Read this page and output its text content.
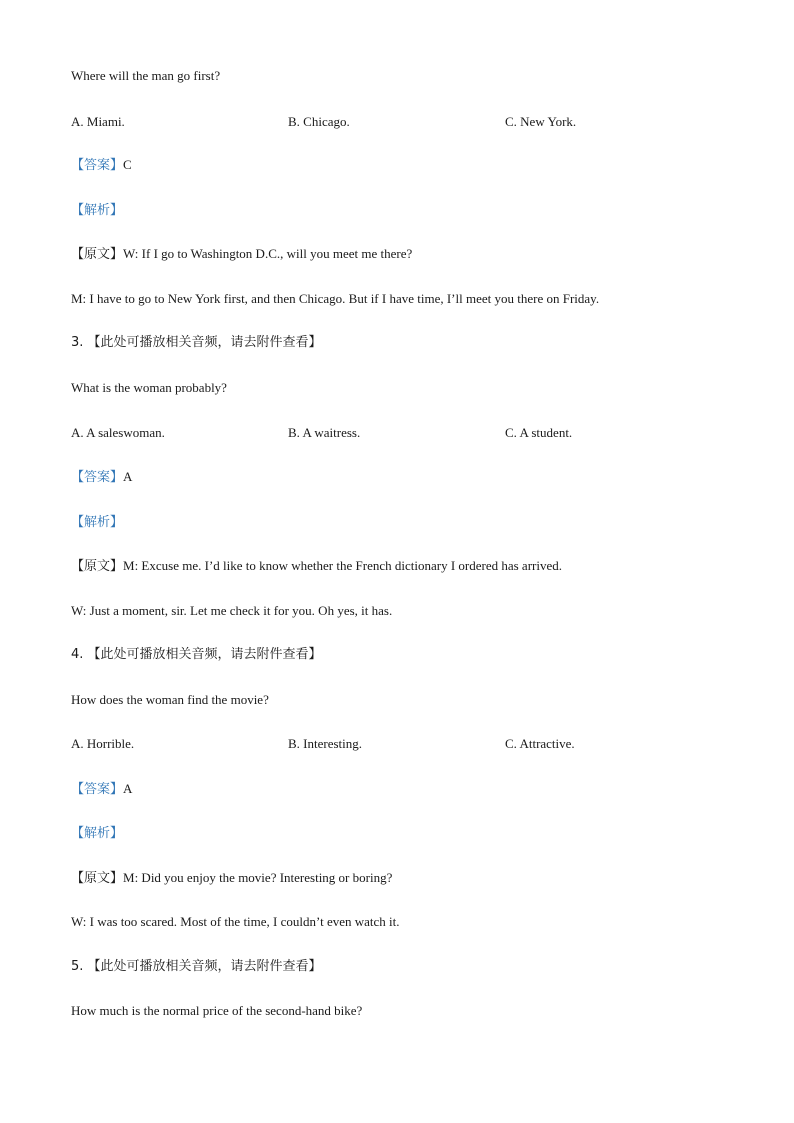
Where will the man go first?
A. Miami.	B. Chicago.	C. New York.
【答案】C
【解析】
【原文】W: If I go to Washington D.C., will you meet me there?
M: I have to go to New York first, and then Chicago. But if I have time, I’ll meet you there on Friday.
3. 【此处可播放相关音频，请去附件查看】
What is the woman probably?
A. A saleswoman.	B. A waitress.	C. A student.
【答案】A
【解析】
【原文】M: Excuse me. I’d like to know whether the French dictionary I ordered has arrived.
W: Just a moment, sir. Let me check it for you. Oh yes, it has.
4. 【此处可播放相关音频，请去附件查看】
How does the woman find the movie?
A. Horrible.	B. Interesting.	C. Attractive.
【答案】A
【解析】
【原文】M: Did you enjoy the movie? Interesting or boring?
W: I was too scared. Most of the time, I couldn’t even watch it.
5. 【此处可播放相关音频，请去附件查看】
How much is the normal price of the second-hand bike?
